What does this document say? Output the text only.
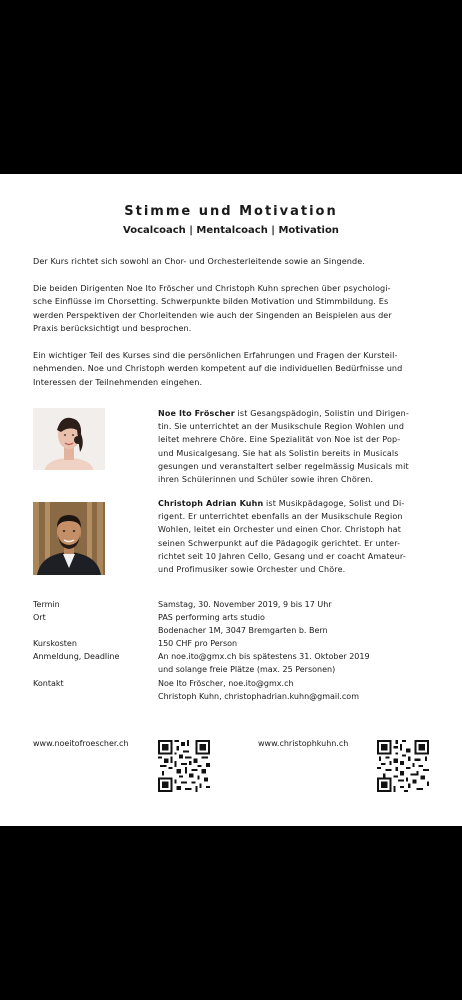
Stimme und Motivation
Vocalcoach | Mentalcoach | Motivation

Der Kurs richtet sich sowohl an Chor- und Orchesterleitende sowie an Singende.

Die beiden Dirigenten Noe Ito Fröscher und Christoph Kuhn sprechen über psychologi-
sche Einflüsse im Chorsetting. Schwerpunkte bilden Motivation und Stimmbildung. Es
werden Perspektiven der Chorleitenden wie auch der Singenden an Beispielen aus der
Praxis berücksichtigt und besprochen.

Ein wichtiger Teil des Kurses sind die persönlichen Erfahrungen und Fragen der Kursteil-
nehmenden. Noe und Christoph werden kompetent auf die individuellen Bedürfnisse und
Interessen der Teilnehmenden eingehen.

Noe Ito Fröscher ist Gesangspädogin, Solistin und Dirigen-
tin. Sie unterrichtet an der Musikschule Region Wohlen und
leitet mehrere Chöre. Eine Spezialität von Noe ist der Pop-
und Musicalgesang. Sie hat als Solistin bereits in Musicals
gesungen und veranstaltert selber regelmässig Musicals mit
ihren Schülerinnen und Schüler sowie ihren Chören.

Christoph Adrian Kuhn ist Musikpädagoge, Solist und Di-
rigent. Er unterrichtet ebenfalls an der Musikschule Region
Wohlen, leitet ein Orchester und einen Chor. Christoph hat
seinen Schwerpunkt auf die Pädagogik gerichtet. Er unter-
richtet seit 10 Jahren Cello, Gesang und er coacht Amateur-
und Profimusiker sowie Orchester und Chöre.

Termin	Samstag, 30. November 2019, 9 bis 17 Uhr
Ort	PAS performing arts studio
Bodenacher 1M, 3047 Bremgarten b. Bern
Kurskosten	150 CHF pro Person
Anmeldung, Deadline	An noe.ito@gmx.ch bis spätestens 31. Oktober 2019
und solange freie Plätze (max. 25 Personen)
Kontakt	Noe Ito Fröscher, noe.ito@gmx.ch
Christoph Kuhn, christophadrian.kuhn@gmail.com
www.noeitofroescher.ch	www.christophkuhn.ch
